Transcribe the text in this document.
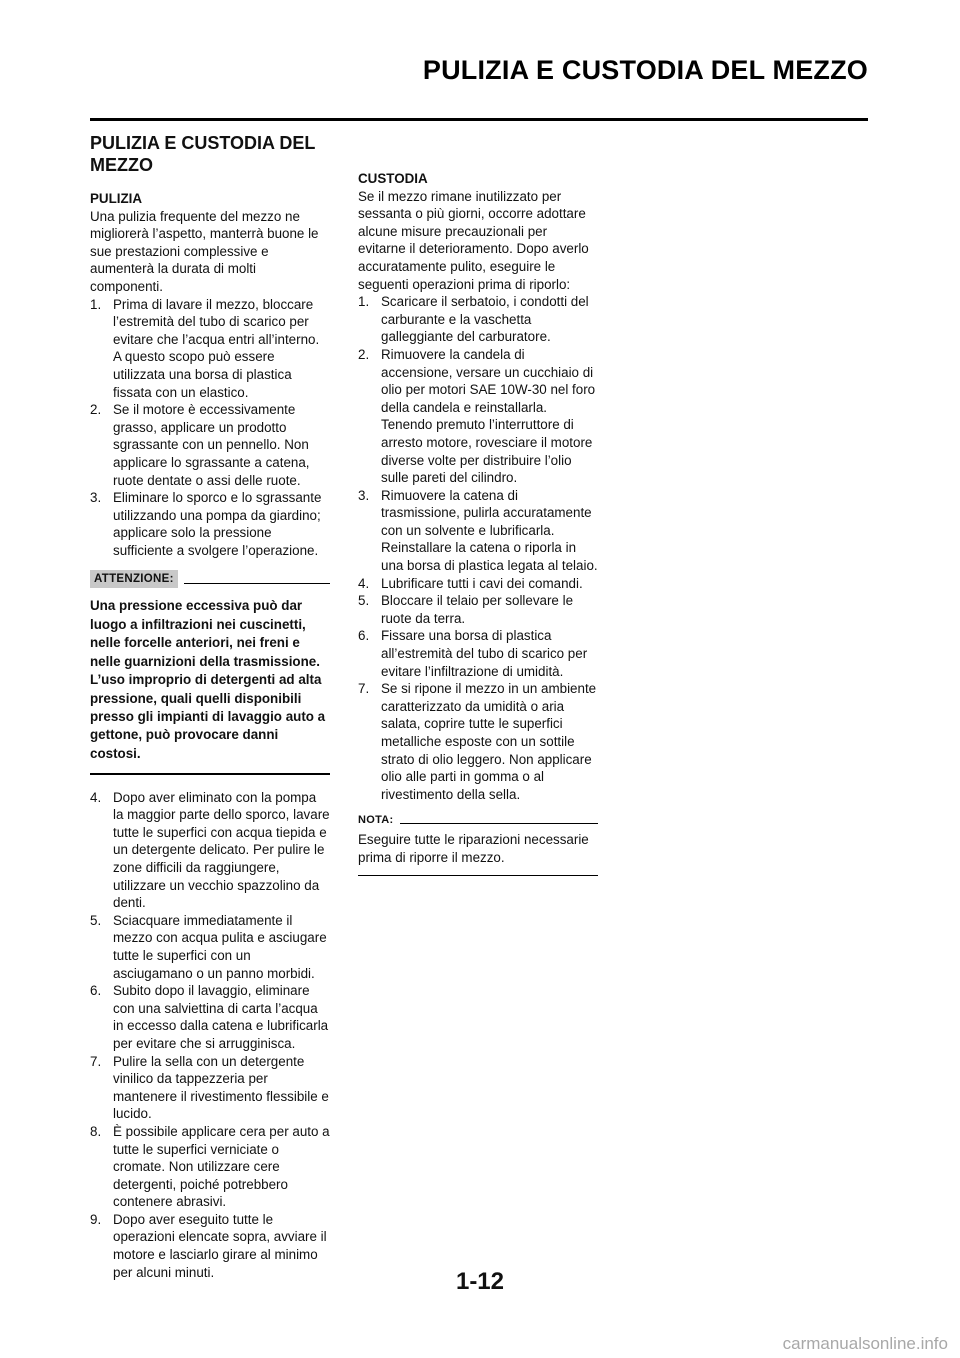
PULIZIA E CUSTODIA DEL MEZZO
PULIZIA E CUSTODIA DEL MEZZO
PULIZIA

Una pulizia frequente del mezzo ne migliorerà l’aspetto, manterrà buone le sue prestazioni complessive e aumenterà la durata di molti componenti.

1. Prima di lavare il mezzo, bloccare l’estremità del tubo di scarico per evitare che l’acqua entri all’interno. A questo scopo può essere utilizzata una borsa di plastica fissata con un elastico.
2. Se il motore è eccessivamente grasso, applicare un prodotto sgrassante con un pennello. Non applicare lo sgrassante a catena, ruote dentate o assi delle ruote.
3. Eliminare lo sporco e lo sgrassante utilizzando una pompa da giardino; applicare solo la pressione sufficiente a svolgere l’operazione.
ATTENZIONE:
Una pressione eccessiva può dar luogo a infiltrazioni nei cuscinetti, nelle forcelle anteriori, nei freni e nelle guarnizioni della trasmissione. L’uso improprio di detergenti ad alta pressione, quali quelli disponibili presso gli impianti di lavaggio auto a gettone, può provocare danni costosi.
4. Dopo aver eliminato con la pompa la maggior parte dello sporco, lavare tutte le superfici con acqua tiepida e un detergente delicato. Per pulire le zone difficili da raggiungere, utilizzare un vecchio spazzolino da denti.
5. Sciacquare immediatamente il mezzo con acqua pulita e asciugare tutte le superfici con un asciugamano o un panno morbidi.
6. Subito dopo il lavaggio, eliminare con una salviettina di carta l’acqua in eccesso dalla catena e lubrificarla per evitare che si arrugginisca.
7. Pulire la sella con un detergente vinilico da tappezzeria per mantenere il rivestimento flessibile e lucido.
8. È possibile applicare cera per auto a tutte le superfici verniciate o cromate. Non utilizzare cere detergenti, poiché potrebbero contenere abrasivi.
9. Dopo aver eseguito tutte le operazioni elencate sopra, avviare il motore e lasciarlo girare al minimo per alcuni minuti.
CUSTODIA

Se il mezzo rimane inutilizzato per sessanta o più giorni, occorre adottare alcune misure precauzionali per evitarne il deterioramento. Dopo averlo accuratamente pulito, eseguire le seguenti operazioni prima di riporlo:

1. Scaricare il serbatoio, i condotti del carburante e la vaschetta galleggiante del carburatore.
2. Rimuovere la candela di accensione, versare un cucchiaio di olio per motori SAE 10W-30 nel foro della candela e reinstallarla. Tenendo premuto l’interruttore di arresto motore, rovesciare il motore diverse volte per distribuire l’olio sulle pareti del cilindro.
3. Rimuovere la catena di trasmissione, pulirla accuratamente con un solvente e lubrificarla. Reinstallare la catena o riporla in una borsa di plastica legata al telaio.
4. Lubrificare tutti i cavi dei comandi.
5. Bloccare il telaio per sollevare le ruote da terra.
6. Fissare una borsa di plastica all’estremità del tubo di scarico per evitare l’infiltrazione di umidità.
7. Se si ripone il mezzo in un ambiente caratterizzato da umidità o aria salata, coprire tutte le superfici metalliche esposte con un sottile strato di olio leggero. Non applicare olio alle parti in gomma o al rivestimento della sella.
NOTA:
Eseguire tutte le riparazioni necessarie prima di riporre il mezzo.
1-12
carmanualsonline.info
